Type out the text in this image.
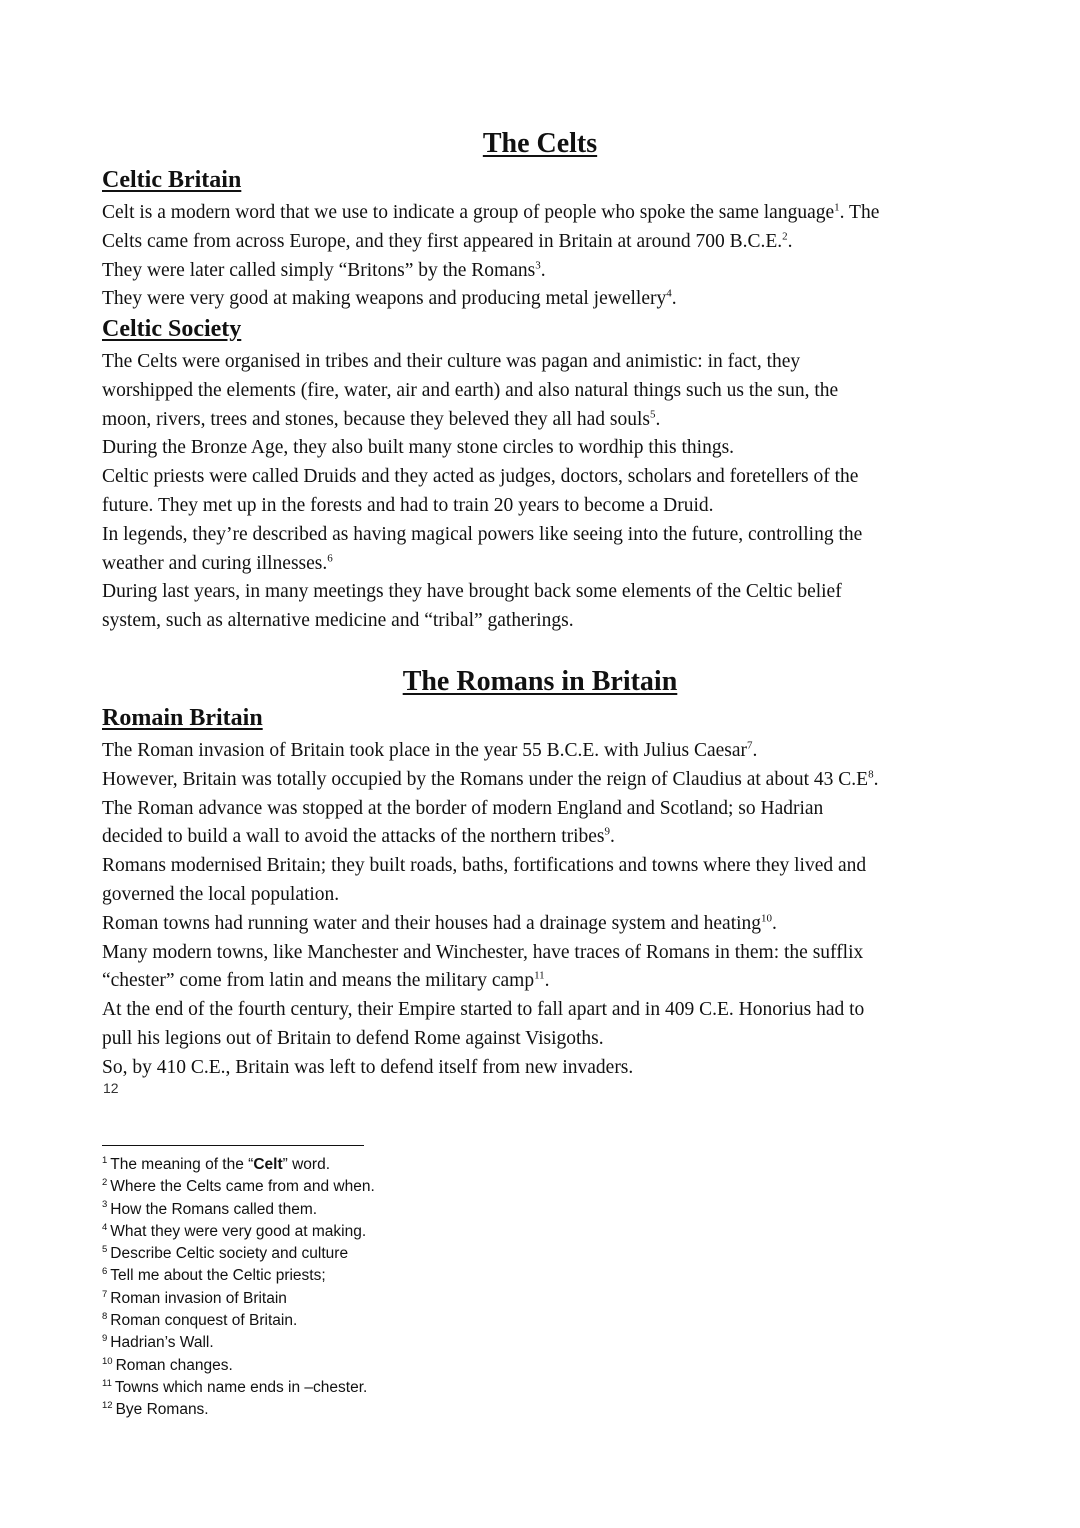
The Celts
Celtic Britain

Celt is a modern word that we use to indicate a group of people who spoke the same language$^1$. The

Celts came from across Europe, and they first appeared in Britain at around 700 B.C.E.$^2$.

They were later called simply “Britons” by the Romans$^3$.

They were very good at making weapons and producing metal jewellery$^4$.

Celtic Society

The Celts were organised in tribes and their culture was pagan and animistic: in fact, they

worshipped the elements (fire, water, air and earth) and also natural things such us the sun, the

moon, rivers, trees and stones, because they beleved they all had souls$^5$.

During the Bronze Age, they also built many stone circles to wordhip this things.

Celtic priests were called Druids and they acted as judges, doctors, scholars and foretellers of the

future. They met up in the forests and had to train 20 years to become a Druid.

In legends, they’re described as having magical powers like seeing into the future, controlling the

weather and curing illnesses.$^6$

During last years, in many meetings they have brought back some elements of the Celtic belief

system, such as alternative medicine and “tribal” gatherings.

The Romans in Britain
Romain Britain

The Roman invasion of Britain took place in the year 55 B.C.E. with Julius Caesar$^7$.

However, Britain was totally occupied by the Romans under the reign of Claudius at about 43 $C.E^8$.

The Roman advance was stopped at the border of modern England and Scotland; so Hadrian

decided to build a wall to avoid the attacks of the northern tribes$^9$.

Romans modernised Britain; they built roads, baths, fortifications and towns where they lived and

governed the local population.

Roman towns had running water and their houses had a drainage system and heating$^{10}$.

Many modern towns, like Manchester and Winchester, have traces of Romans in them: the sufflix

“chester” come from latin and means the military camp$^{11}$.

At the end of the fourth century, their Empire started to fall apart and in 409 C.E. Honorius had to

pull his legions out of Britain to defend Rome against Visigoths.

So, by 410 C.E., Britain was left to defend itself from new invaders.

12
$^1$ The meaning of the “Celt” word.
$^2$ Where the Celts came from and when.
$^3$ How the Romans called them.
$^4$ What they were very good at making.
$^5$ Describe Celtic society and culture
$^6$ Tell me about the Celtic priests;
$^7$ Roman invasion of Britain
$^8$ Roman conquest of Britain.
$^9$ Hadrian’s Wall.
$^{10}$ Roman changes.
$^{11}$ Towns which name ends in –chester.
$^{12}$ Bye Romans.
